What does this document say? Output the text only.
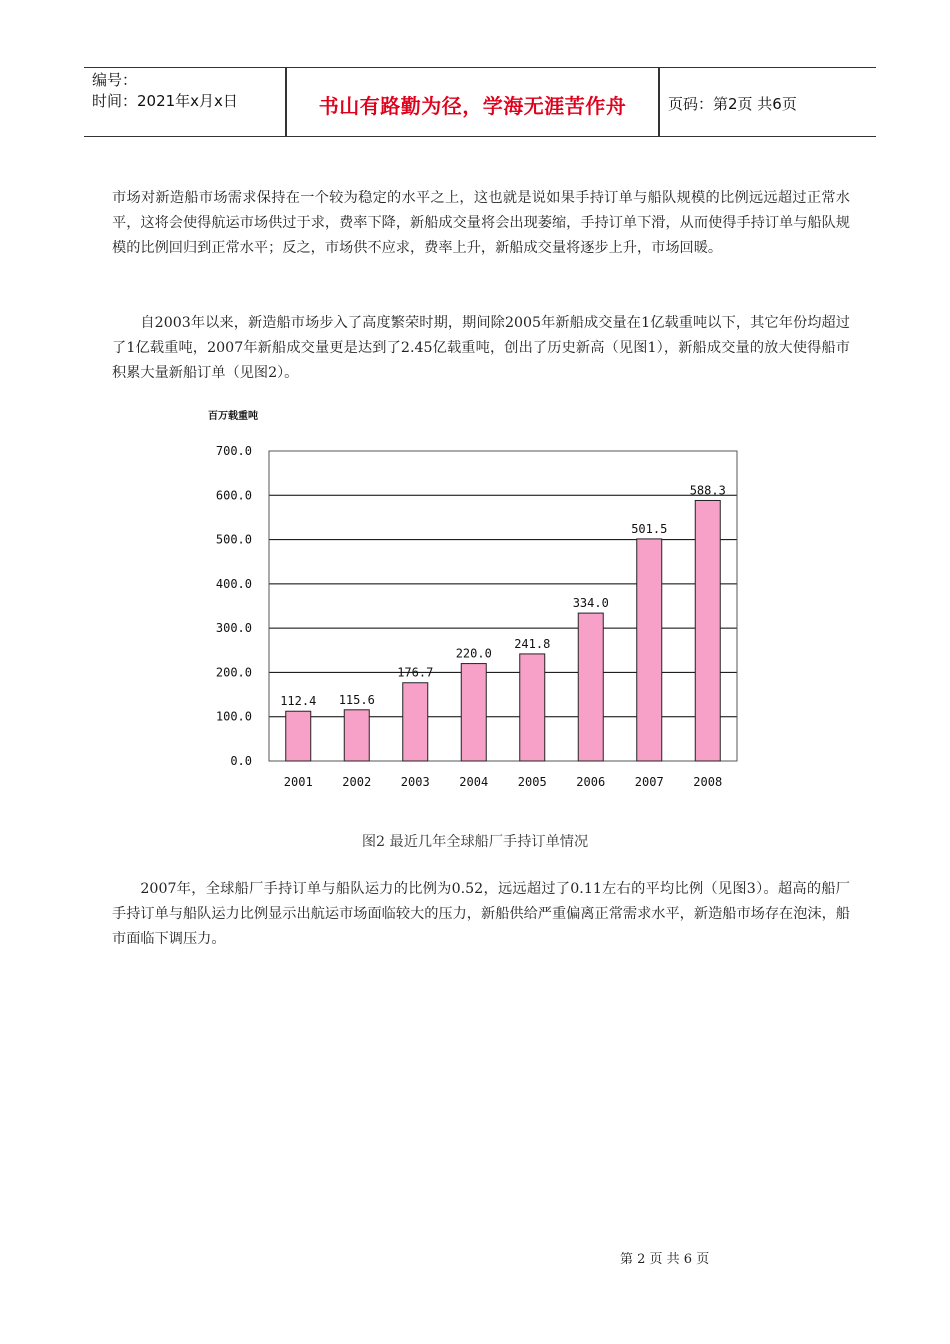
编号：
时间：2021年x月x日	书山有路勤为径，学海无涯苦作舟	页码：第2页 共6页

市场对新造船市场需求保持在一个较为稳定的水平之上，这也就是说如果手持订单与船队规模的比例远远超过正常水平，这将会使得航运市场供过于求，费率下降，新船成交量将会出现萎缩，手持订单下滑，从而使得手持订单与船队规模的比例回归到正常水平；反之，市场供不应求，费率上升，新船成交量将逐步上升，市场回暖。

自2003年以来，新造船市场步入了高度繁荣时期，期间除2005年新船成交量在1亿载重吨以下，其它年份均超过了1亿载重吨，2007年新船成交量更是达到了2.45亿载重吨，创出了历史新高（见图1），新船成交量的放大使得船市积累大量新船订单（见图2）。

百万载重吨
0.0
100.0
200.0
300.0
400.0
500.0
600.0
700.0
112.4
2001
115.6
2002
176.7
2003
220.0
2004
241.8
2005
334.0
2006
501.5
2007
588.3
2008
图2 最近几年全球船厂手持订单情况

2007年，全球船厂手持订单与船队运力的比例为0.52，远远超过了0.11左右的平均比例（见图3）。超高的船厂手持订单与船队运力比例显示出航运市场面临较大的压力，新船供给严重偏离正常需求水平，新造船市场存在泡沫，船市面临下调压力。

第 2 页 共 6 页
